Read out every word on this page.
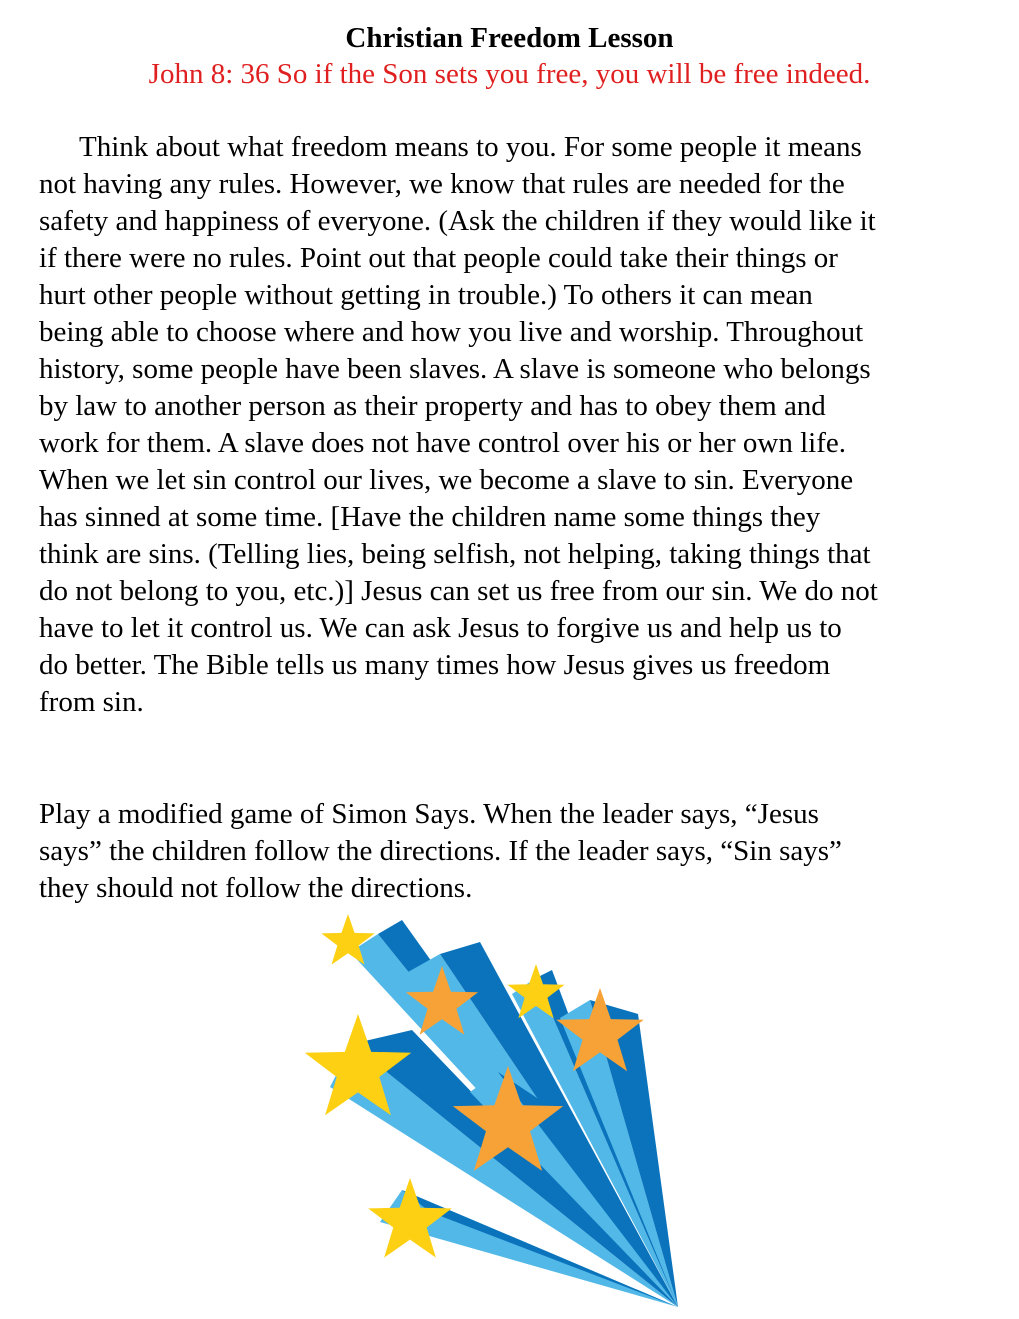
Christian Freedom Lesson

John 8: 36 So if the Son sets you free, you will be free indeed.

Think about what freedom means to you. For some people it means
not having any rules. However, we know that rules are needed for the
safety and happiness of everyone. (Ask the children if they would like it
if there were no rules. Point out that people could take their things or
hurt other people without getting in trouble.) To others it can mean
being able to choose where and how you live and worship. Throughout
history, some people have been slaves. A slave is someone who belongs
by law to another person as their property and has to obey them and
work for them. A slave does not have control over his or her own life.
When we let sin control our lives, we become a slave to sin. Everyone
has sinned at some time. [Have the children name some things they
think are sins. (Telling lies, being selfish, not helping, taking things that
do not belong to you, etc.)] Jesus can set us free from our sin. We do not
have to let it control us. We can ask Jesus to forgive us and help us to
do better. The Bible tells us many times how Jesus gives us freedom
from sin.
Play a modified game of Simon Says. When the leader says, “Jesus
says” the children follow the directions. If the leader says, “Sin says”
they should not follow the directions.
